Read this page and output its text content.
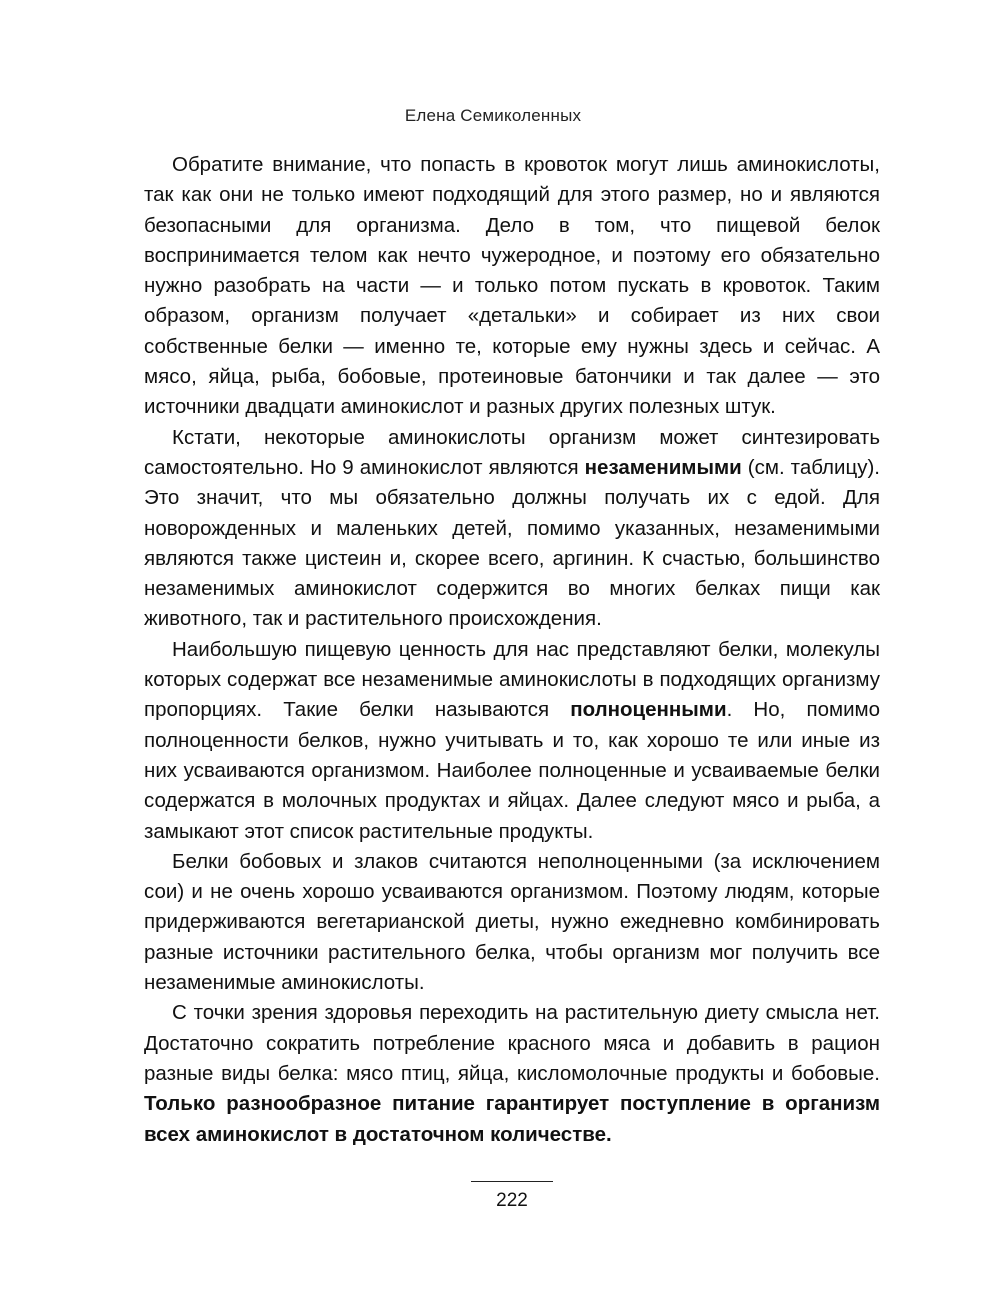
Елена Семиколенных

Обратите внимание, что попасть в кровоток могут лишь аминокислоты, так как они не только имеют подходящий для этого размер, но и являются безопасными для организма. Дело в том, что пищевой белок воспринимается телом как нечто чужеродное, и поэтому его обязательно нужно разобрать на части — и только потом пускать в кровоток. Таким образом, организм получает «детальки» и собирает из них свои собственные белки — именно те, которые ему нужны здесь и сейчас. А мясо, яйца, рыба, бобовые, протеиновые батончики и так далее — это источники двадцати аминокислот и разных других полезных штук.

Кстати, некоторые аминокислоты организм может синтезировать самостоятельно. Но 9 аминокислот являются незаменимыми (см. таблицу). Это значит, что мы обязательно должны получать их с едой. Для новорожденных и маленьких детей, помимо указанных, незаменимыми являются также цистеин и, скорее всего, аргинин. К счастью, большинство незаменимых аминокислот содержится во многих белках пищи как животного, так и растительного происхождения.

Наибольшую пищевую ценность для нас представляют белки, молекулы которых содержат все незаменимые аминокислоты в подходящих организму пропорциях. Такие белки называются полноценными. Но, помимо полноценности белков, нужно учитывать и то, как хорошо те или иные из них усваиваются организмом. Наиболее полноценные и усваиваемые белки содержатся в молочных продуктах и яйцах. Далее следуют мясо и рыба, а замыкают этот список растительные продукты.

Белки бобовых и злаков считаются неполноценными (за исключением сои) и не очень хорошо усваиваются организмом. Поэтому людям, которые придерживаются вегетарианской диеты, нужно ежедневно комбинировать разные источники растительного белка, чтобы организм мог получить все незаменимые аминокислоты.

С точки зрения здоровья переходить на растительную диету смысла нет. Достаточно сократить потребление красного мяса и добавить в рацион разные виды белка: мясо птиц, яйца, кисломолочные продукты и бобовые. Только разнообразное питание гарантирует поступление в организм всех аминокислот в достаточном количестве.

222
